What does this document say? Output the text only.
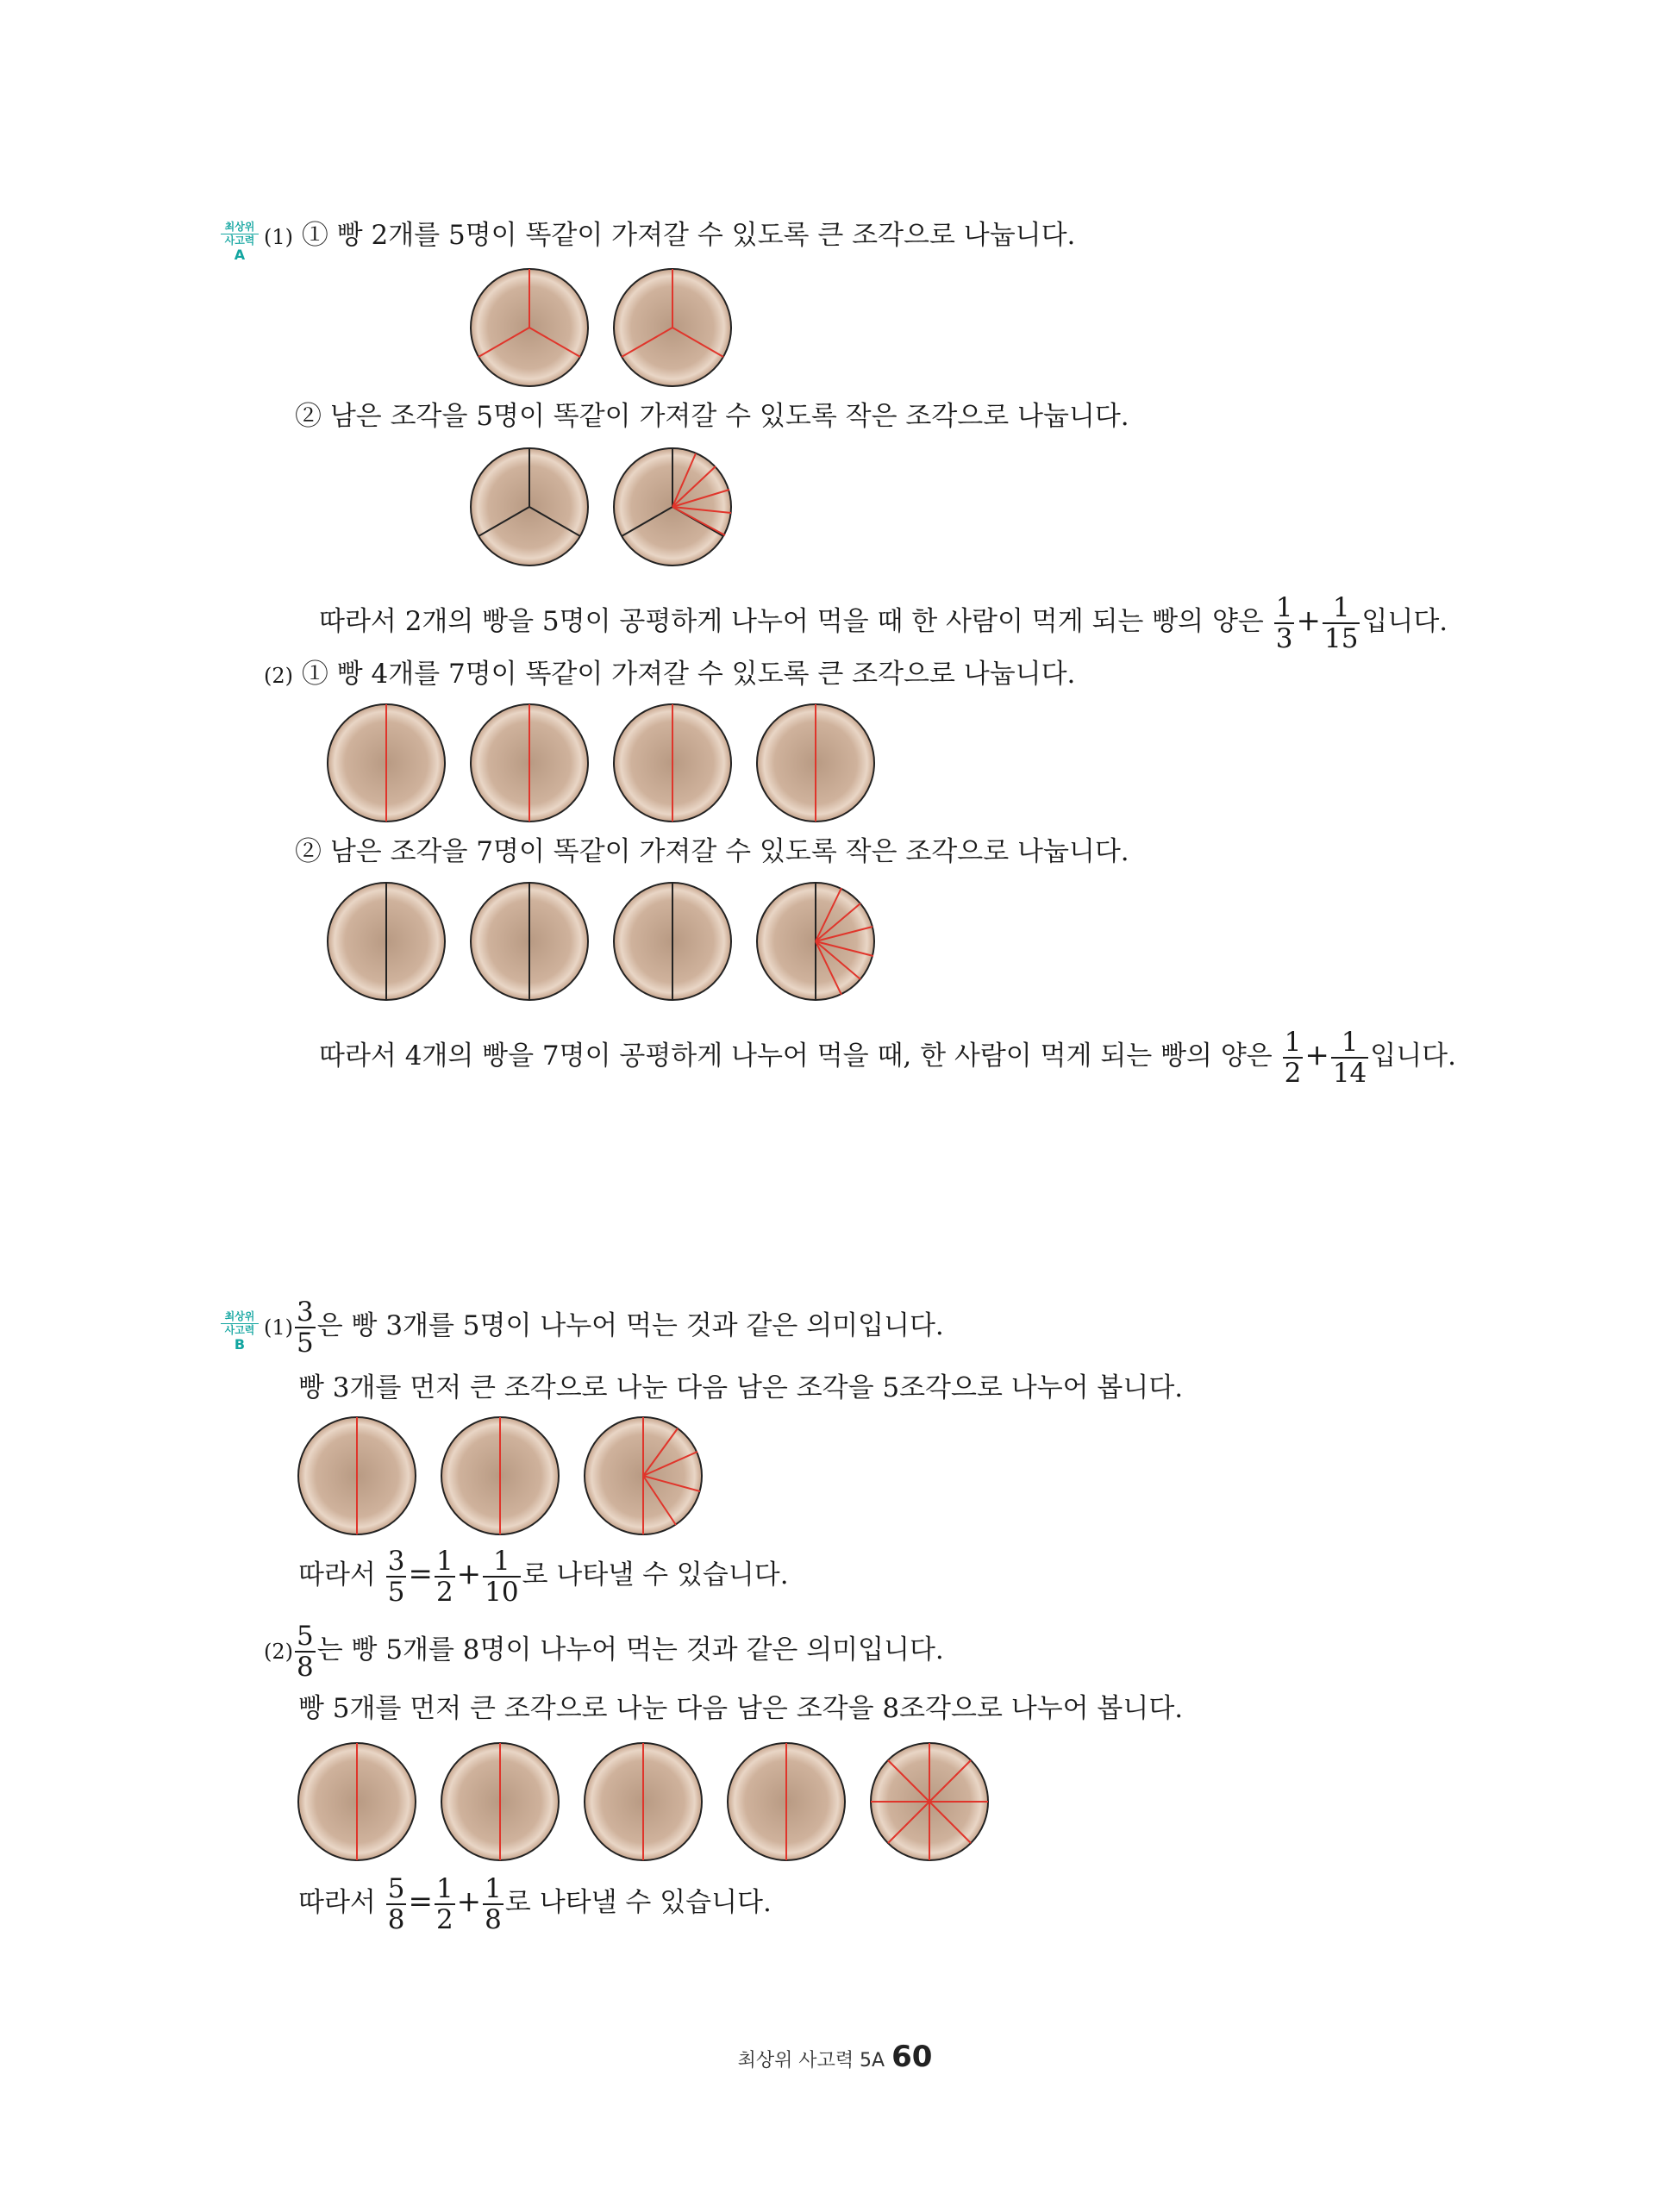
최상위
사고력
A
(1) ① 빵 2개를 5명이 똑같이 가져갈 수 있도록 큰 조각으로 나눕니다.
② 남은 조각을 5명이 똑같이 가져갈 수 있도록 작은 조각으로 나눕니다.
따라서 2개의 빵을 5명이 공평하게 나누어 먹을 때 한 사람이 먹게 되는 빵의 양은 $\frac{1}{3} + \frac{1}{15}$ 입니다.
(2) ① 빵 4개를 7명이 똑같이 가져갈 수 있도록 큰 조각으로 나눕니다.
② 남은 조각을 7명이 똑같이 가져갈 수 있도록 작은 조각으로 나눕니다.
따라서 4개의 빵을 7명이 공평하게 나누어 먹을 때, 한 사람이 먹게 되는 빵의 양은 $\frac{1}{2} + \frac{1}{14}$ 입니다.
최상위
사고력
B
$(1) \frac{3}{5}$ 은 빵 3개를 5명이 나누어 먹는 것과 같은 의미입니다.
빵 3개를 먼저 큰 조각으로 나눈 다음 남은 조각을 5조각으로 나누어 봅니다.
따라서 $\frac{3}{5} = \frac{1}{2} + \frac{1}{10}$ 로 나타낼 수 있습니다.
$(2) \frac{5}{8}$ 는 빵 5개를 8명이 나누어 먹는 것과 같은 의미입니다.
빵 5개를 먼저 큰 조각으로 나눈 다음 남은 조각을 8조각으로 나누어 봅니다.
따라서 $\frac{5}{8} = \frac{1}{2} + \frac{1}{8}$ 로 나타낼 수 있습니다.
최상위 사고력 5A 60
